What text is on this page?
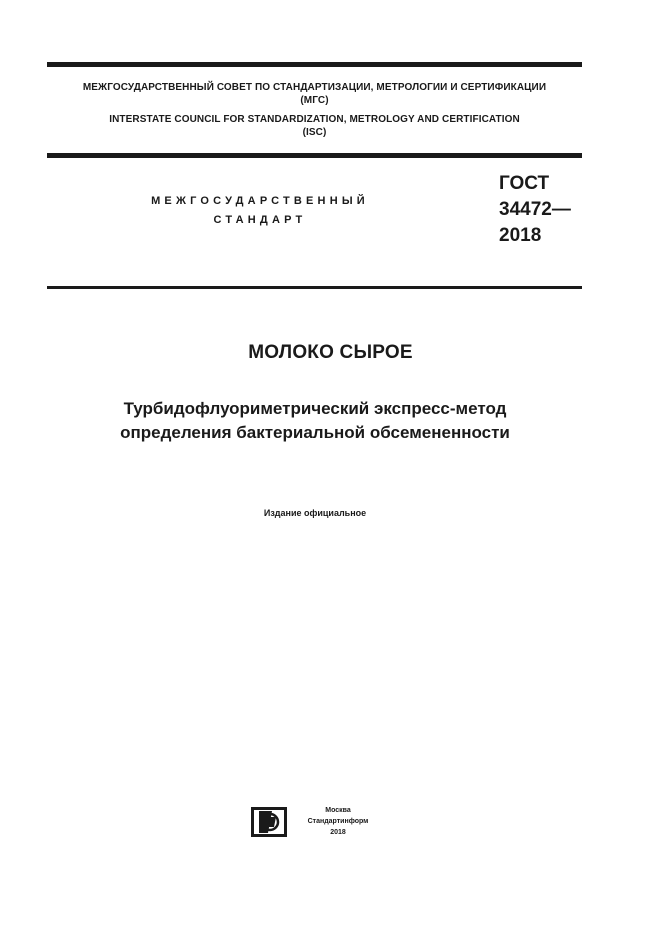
МЕЖГОСУДАРСТВЕННЫЙ СОВЕТ ПО СТАНДАРТИЗАЦИИ, МЕТРОЛОГИИ И СЕРТИФИКАЦИИ
(МГС)
INTERSTATE COUNCIL FOR STANDARDIZATION, METROLOGY AND CERTIFICATION
(ISC)
МЕЖГОСУДАРСТВЕННЫЙ
СТАНДАРТ
ГОСТ
34472—
2018
МОЛОКО СЫРОЕ
Турбидофлуориметрический экспресс-метод
определения бактериальной обсемененности
Издание официальное
Москва
Стандартинформ
2018
